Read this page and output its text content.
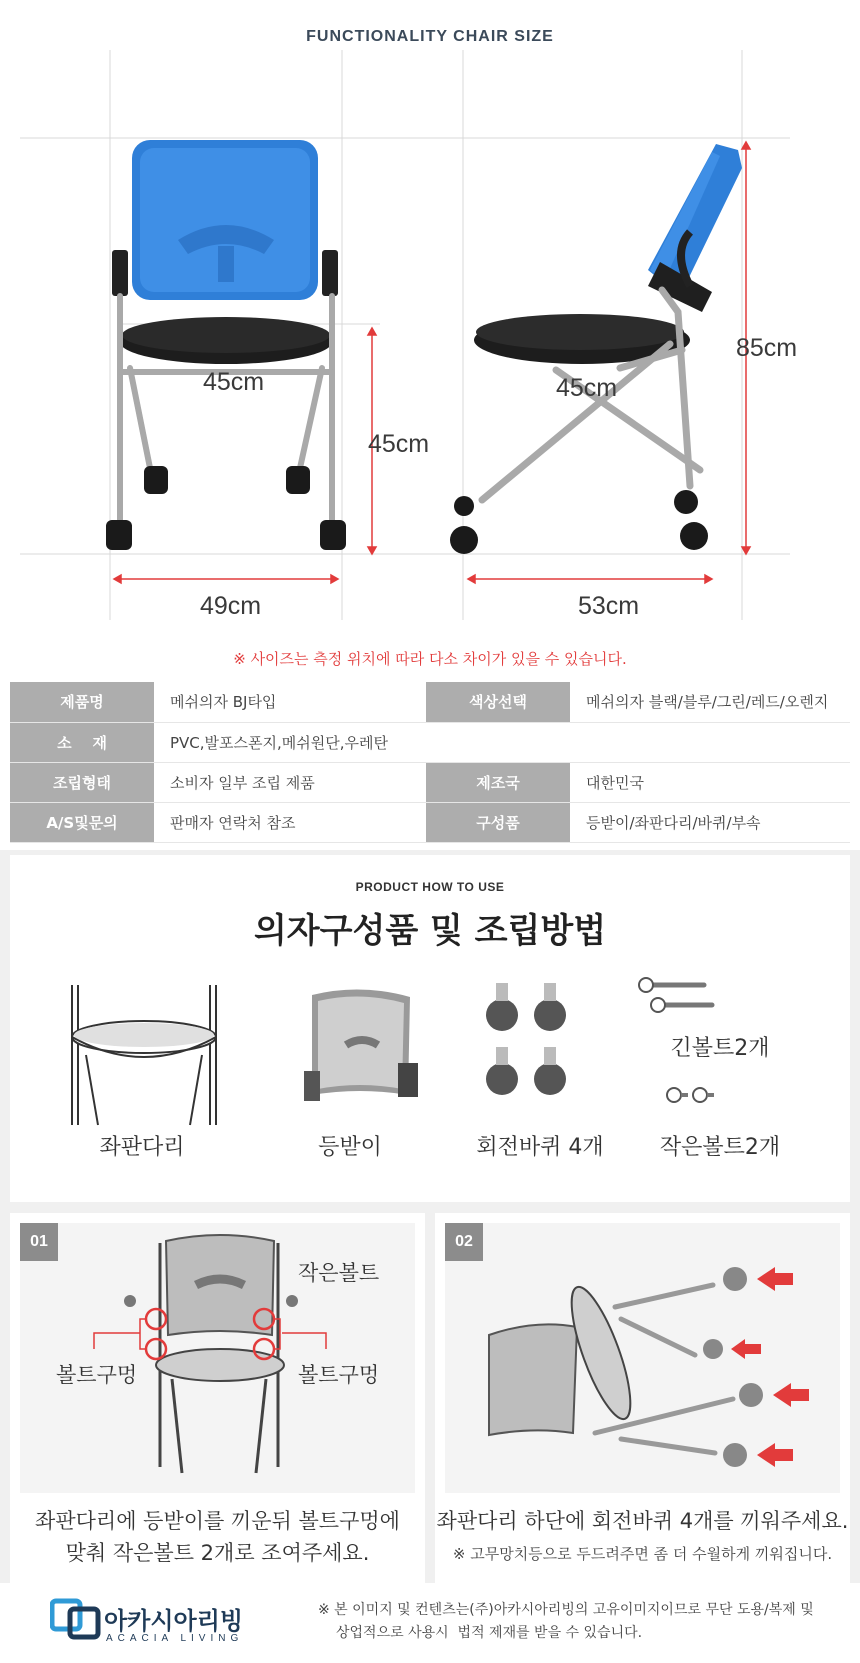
FUNCTIONALITY CHAIR SIZE
45cm
45cm
49cm
45cm
85cm
53cm
※ 사이즈는 측정 위치에 따라 다소 차이가 있을 수 있습니다.
제품명	메쉬의자 BJ타입	색상선택	메쉬의자 블랙/블루/그린/레드/오렌지
소    재	PVC,발포스폰지,메쉬원단,우레탄		
조립형태	소비자 일부 조립 제품	제조국	대한민국
A/S및문의	판매자 연락처 참조	구성품	등받이/좌판다리/바퀴/부속
PRODUCT HOW TO USE
의자구성품 및 조립방법
좌판다리	등받이	회전바퀴 4개
긴볼트2개
작은볼트2개
01
작은볼트
볼트구멍	볼트구멍
좌판다리에 등받이를 끼운뒤 볼트구멍에
맞춰 작은볼트 2개로 조여주세요.
02
좌판다리 하단에 회전바퀴 4개를 끼워주세요.
※ 고무망치등으로 두드려주면 좀 더 수월하게 끼워집니다.
아카시아리빙
ACACIA LIVING
※ 본 이미지 및 컨텐츠는(주)아카시아리빙의 고유이미지이므로 무단 도용/복제 및
상업적으로 사용시  법적 제재를 받을 수 있습니다.
